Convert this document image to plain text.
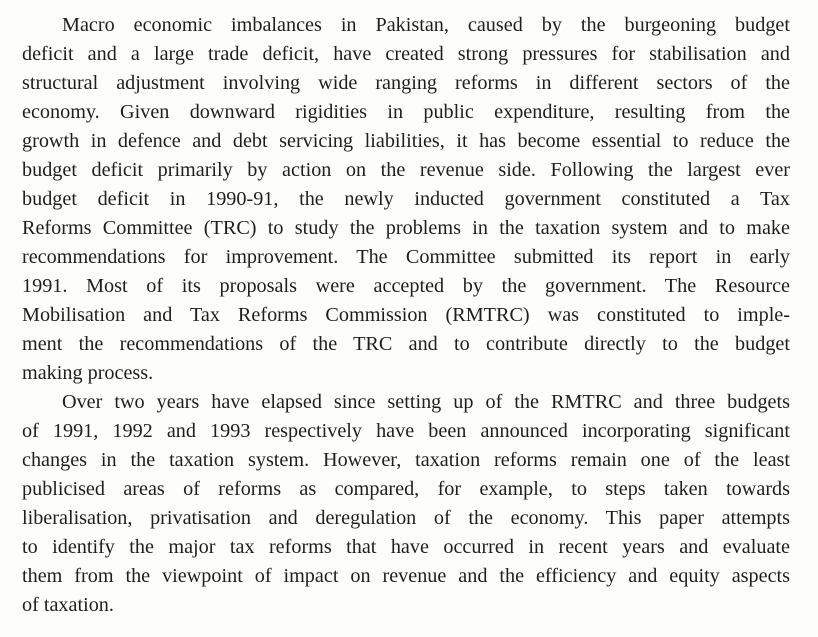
Macro economic imbalances in Pakistan, caused by the burgeoning budget
deficit and a large trade deficit, have created strong pressures for stabilisation and
structural adjustment involving wide ranging reforms in different sectors of the
economy. Given downward rigidities in public expenditure, resulting from the
growth in defence and debt servicing liabilities, it has become essential to reduce the
budget deficit primarily by action on the revenue side. Following the largest ever
budget deficit in 1990-91, the newly inducted government constituted a Tax
Reforms Committee (TRC) to study the problems in the taxation system and to make
recommendations for improvement. The Committee submitted its report in early
1991. Most of its proposals were accepted by the government. The Resource
Mobilisation and Tax Reforms Commission (RMTRC) was constituted to imple-
ment the recommendations of the TRC and to contribute directly to the budget
making process.
Over two years have elapsed since setting up of the RMTRC and three budgets
of 1991, 1992 and 1993 respectively have been announced incorporating significant
changes in the taxation system. However, taxation reforms remain one of the least
publicised areas of reforms as compared, for example, to steps taken towards
liberalisation, privatisation and deregulation of the economy. This paper attempts
to identify the major tax reforms that have occurred in recent years and evaluate
them from the viewpoint of impact on revenue and the efficiency and equity aspects
of taxation.
